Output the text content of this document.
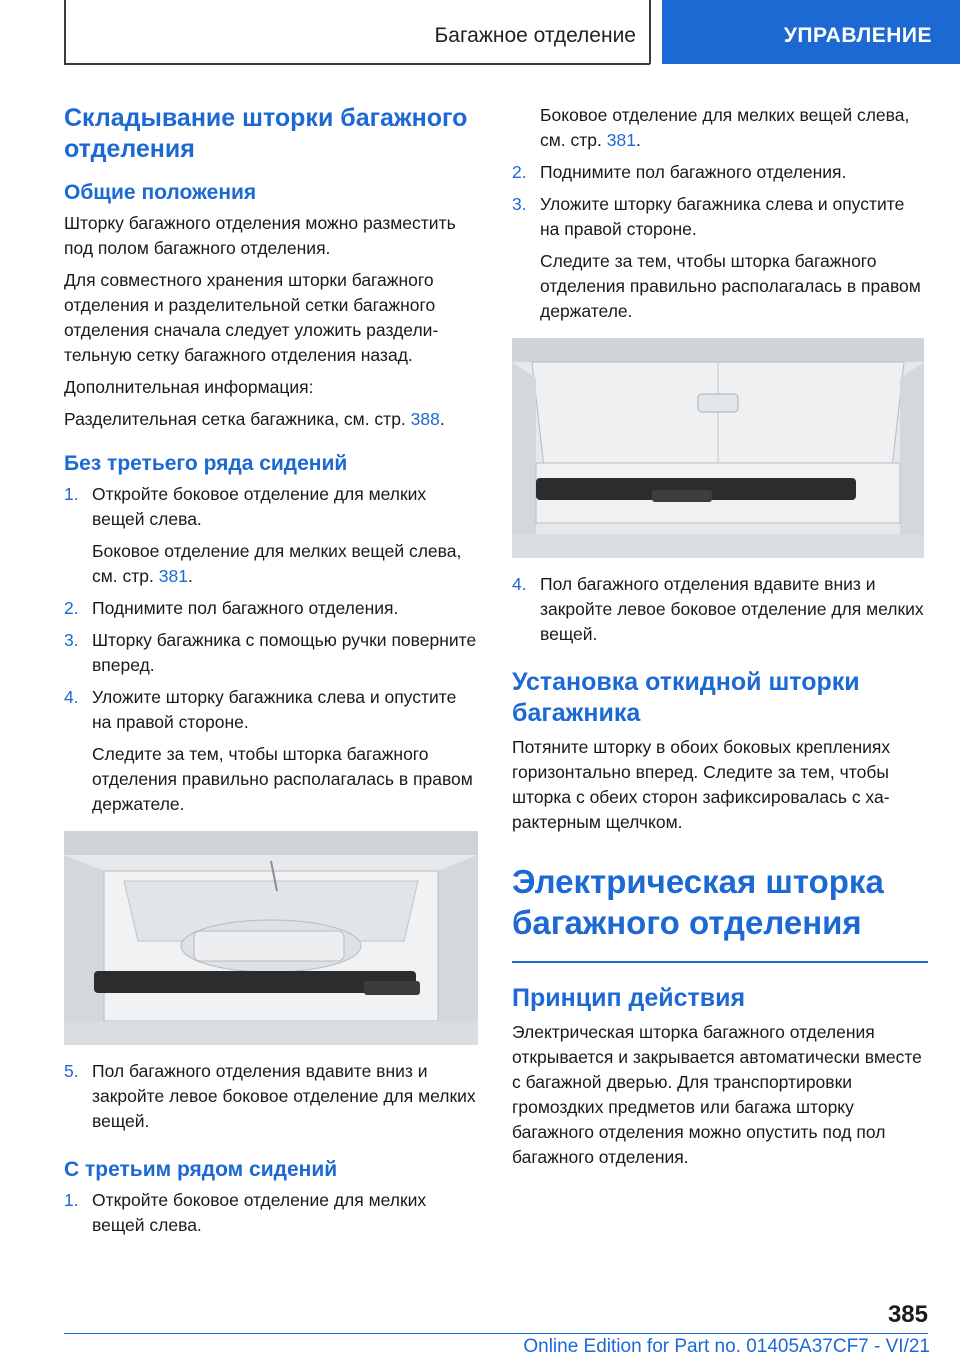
Багажное отделение	УПРАВЛЕНИЕ
Складывание шторки багажного отделения
Общие положения

Шторку багажного отделения можно разместить под полом багажного отделения.

Для совместного хранения шторки багажного отделения и разделительной сетки багажного отделения сначала следует уложить разделительную сетку багажного отделения назад.

Дополнительная информация:

Разделительная сетка багажника, см. стр. 388.

Без третьего ряда сидений
1. Откройте боковое отделение для мелких вещей слева.

Боковое отделение для мелких вещей слева, см. стр. 381.

2. Поднимите пол багажного отделения.
3. Шторку багажника с помощью ручки поверните вперед.
4. Уложите шторку багажника слева и опустите на правой стороне.

Следите за тем, чтобы шторка багажного отделения правильно располагалась в правом держателе.

5. Пол багажного отделения вдавите вниз и закройте левое боковое отделение для мелких вещей.
С третьим рядом сидений
1. Откройте боковое отделение для мелких вещей слева.

Боковое отделение для мелких вещей слева, см. стр. 381.

2. Поднимите пол багажного отделения.
3. Уложите шторку багажника слева и опустите на правой стороне.

Следите за тем, чтобы шторка багажного отделения правильно располагалась в правом держателе.

4. Пол багажного отделения вдавите вниз и закройте левое боковое отделение для мелких вещей.
Установка откидной шторки багажника

Потяните шторку в обоих боковых креплениях горизонтально вперед. Следите за тем, чтобы шторка с обеих сторон зафиксировалась с характерным щелчком.

Электрическая шторка багажного отделения
Принцип действия

Электрическая шторка багажного отделения открывается и закрывается автоматически вместе с багажной дверью. Для транспортировки громоздких предметов или багажа шторку багажного отделения можно опустить под пол багажного отделения.

385
Online Edition for Part no. 01405A37CF7 - VI/21
